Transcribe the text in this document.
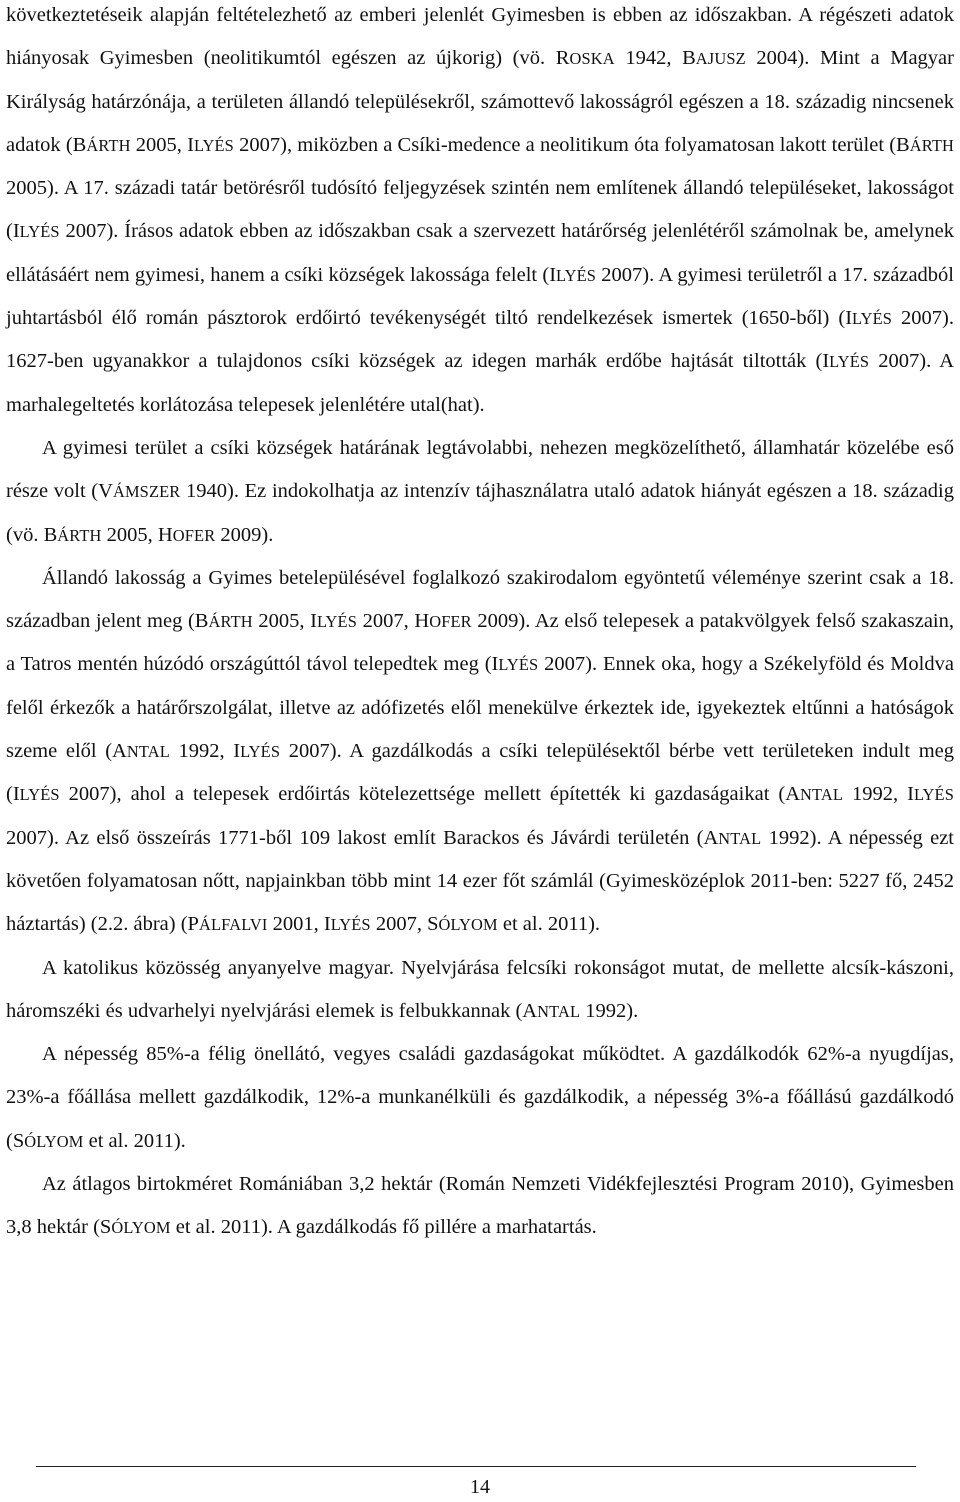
következtetéseik alapján feltételezhető az emberi jelenlét Gyimesben is ebben az időszakban. A régészeti adatok hiányosak Gyimesben (neolitikumtól egészen az újkorig) (vö. ROSKA 1942, BAJUSZ 2004). Mint a Magyar Királyság határzónája, a területen állandó településekről, számottevő lakosságról egészen a 18. századig nincsenek adatok (BÁRTH 2005, ILYÉS 2007), miközben a Csíki-medence a neolitikum óta folyamatosan lakott terület (BÁRTH 2005). A 17. századi tatár betörésről tudósító feljegyzések szintén nem említenek állandó településeket, lakosságot (ILYÉS 2007). Írásos adatok ebben az időszakban csak a szervezett határőrség jelenlétéről számolnak be, amelynek ellátásáért nem gyimesi, hanem a csíki községek lakossága felelt (ILYÉS 2007). A gyimesi területről a 17. századból juhtartásból élő román pásztorok erdőirtó tevékenységét tiltó rendelkezések ismertek (1650-ből) (ILYÉS 2007). 1627-ben ugyanakkor a tulajdonos csíki községek az idegen marhák erdőbe hajtását tiltották (ILYÉS 2007). A marhalegeltetés korlátozása telepesek jelenlétére utal(hat).

A gyimesi terület a csíki községek határának legtávolabbi, nehezen megközelíthető, államhatár közelébe eső része volt (VÁMSZER 1940). Ez indokolhatja az intenzív tájhasználatra utaló adatok hiányát egészen a 18. századig (vö. BÁRTH 2005, HOFER 2009).

Állandó lakosság a Gyimes betelepülésével foglalkozó szakirodalom egyöntetű véleménye szerint csak a 18. században jelent meg (BÁRTH 2005, ILYÉS 2007, HOFER 2009). Az első telepesek a patakvölgyek felső szakaszain, a Tatros mentén húzódó országúttól távol telepedtek meg (ILYÉS 2007). Ennek oka, hogy a Székelyföld és Moldva felől érkezők a határőrszolgálat, illetve az adófizetés elől menekülve érkeztek ide, igyekeztek eltűnni a hatóságok szeme elől (ANTAL 1992, ILYÉS 2007). A gazdálkodás a csíki településektől bérbe vett területeken indult meg (ILYÉS 2007), ahol a telepesek erdőirtás kötelezettsége mellett építették ki gazdaságaikat (ANTAL 1992, ILYÉS 2007). Az első összeírás 1771-ből 109 lakost említ Barackos és Jávárdi területén (ANTAL 1992). A népesség ezt követően folyamatosan nőtt, napjainkban több mint 14 ezer főt számlál (Gyimesközéplok 2011-ben: 5227 fő, 2452 háztartás) (2.2. ábra) (PÁLFALVI 2001, ILYÉS 2007, SÓLYOM et al. 2011).

A katolikus közösség anyanyelve magyar. Nyelvjárása felcsíki rokonságot mutat, de mellette alcsík-kászoni, háromszéki és udvarhelyi nyelvjárási elemek is felbukkannak (ANTAL 1992).

A népesség 85%-a félig önellátó, vegyes családi gazdaságokat működtet. A gazdálkodók 62%-a nyugdíjas, 23%-a főállása mellett gazdálkodik, 12%-a munkanélküli és gazdálkodik, a népesség 3%-a főállású gazdálkodó (SÓLYOM et al. 2011).

Az átlagos birtokméret Romániában 3,2 hektár (Román Nemzeti Vidékfejlesztési Program 2010), Gyimesben 3,8 hektár (SÓLYOM et al. 2011). A gazdálkodás fő pillére a marhatartás.

14
